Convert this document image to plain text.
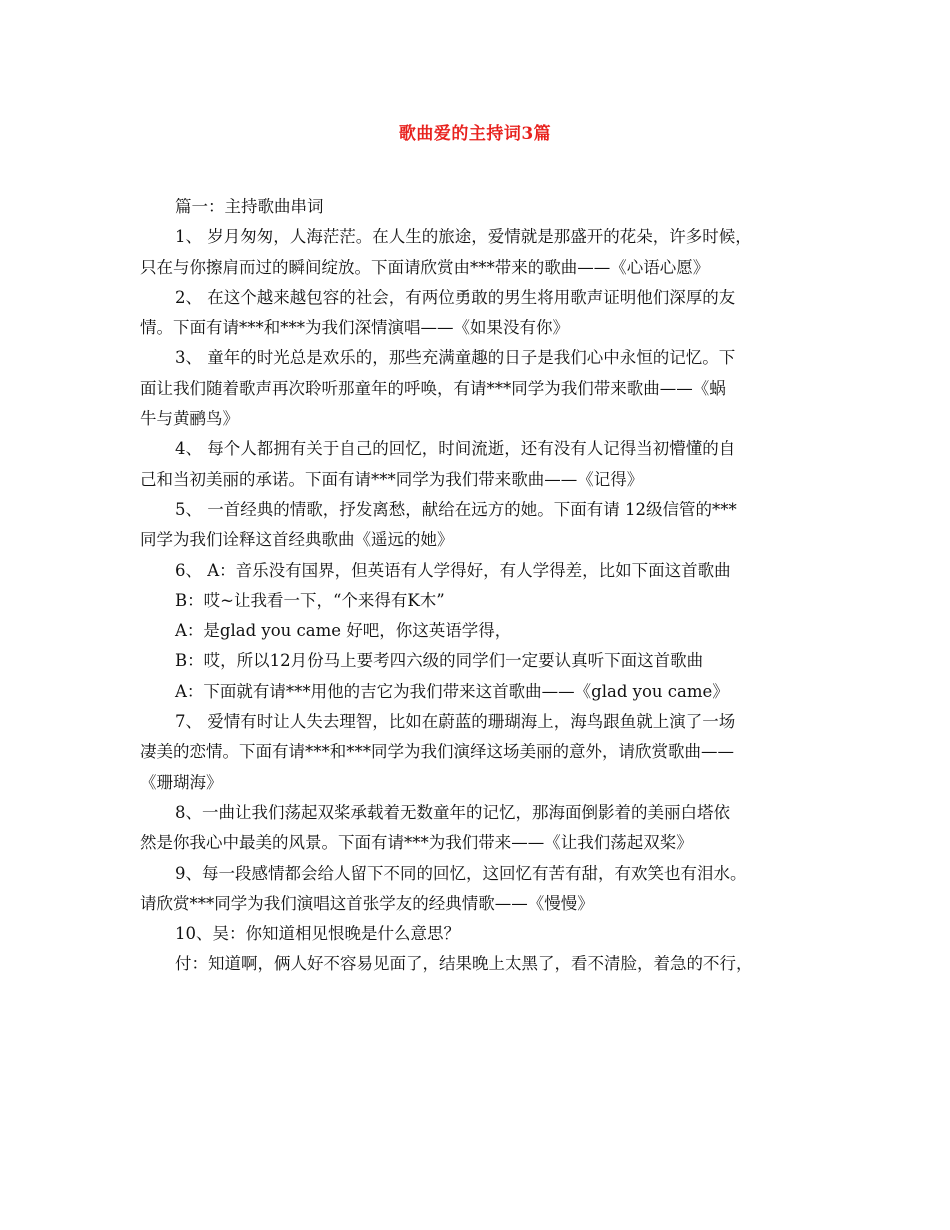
歌曲爱的主持词3篇
篇一：主持歌曲串词
1、 岁月匆匆，人海茫茫。在人生的旅途，爱情就是那盛开的花朵，许多时候，
只在与你擦肩而过的瞬间绽放。下面请欣赏由***带来的歌曲——《心语心愿》
2、 在这个越来越包容的社会，有两位勇敢的男生将用歌声证明他们深厚的友
情。下面有请***和***为我们深情演唱——《如果没有你》
3、 童年的时光总是欢乐的，那些充满童趣的日子是我们心中永恒的记忆。下
面让我们随着歌声再次聆听那童年的呼唤，有请***同学为我们带来歌曲——《蜗
牛与黄鹂鸟》
4、 每个人都拥有关于自己的回忆，时间流逝，还有没有人记得当初懵懂的自
己和当初美丽的承诺。下面有请***同学为我们带来歌曲——《记得》
5、 一首经典的情歌，抒发离愁，献给在远方的她。下面有请 12级信管的***
同学为我们诠释这首经典歌曲《遥远的她》
6、 A：音乐没有国界，但英语有人学得好，有人学得差，比如下面这首歌曲
B：哎~让我看一下，“个来得有K木”
A：是glad you came 好吧，你这英语学得，
B：哎，所以12月份马上要考四六级的同学们一定要认真听下面这首歌曲
A：下面就有请***用他的吉它为我们带来这首歌曲——《glad you came》
7、 爱情有时让人失去理智，比如在蔚蓝的珊瑚海上，海鸟跟鱼就上演了一场
凄美的恋情。下面有请***和***同学为我们演绎这场美丽的意外，请欣赏歌曲——
《珊瑚海》
8、一曲让我们荡起双桨承载着无数童年的记忆，那海面倒影着的美丽白塔依
然是你我心中最美的风景。下面有请***为我们带来——《让我们荡起双桨》
9、每一段感情都会给人留下不同的回忆，这回忆有苦有甜，有欢笑也有泪水。
请欣赏***同学为我们演唱这首张学友的经典情歌——《慢慢》
10、吴：你知道相见恨晚是什么意思？
付：知道啊，俩人好不容易见面了，结果晚上太黑了，看不清脸，着急的不行，
